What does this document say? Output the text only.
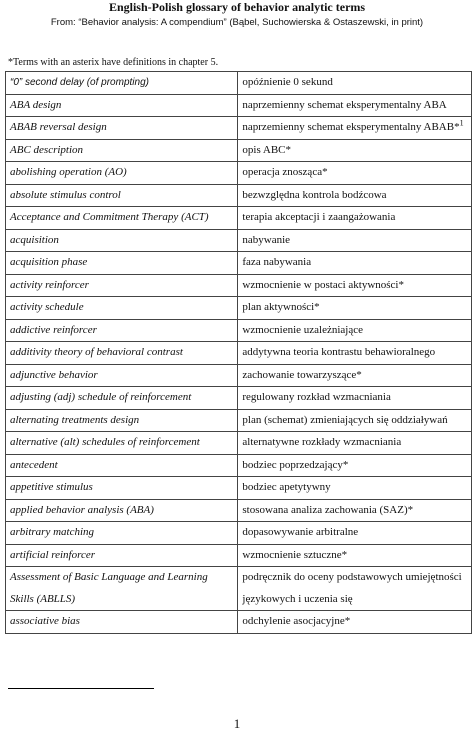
English-Polish glossary of behavior analytic terms
From: “Behavior analysis: A compendium” (Bąbel, Suchowierska & Ostaszewski, in print)
*Terms with an asterix have definitions in chapter 5.
“0” second delay (of prompting)	opóźnienie 0 sekund
ABA design	naprzemienny schemat eksperymentalny ABA
ABAB reversal design	naprzemienny schemat eksperymentalny ABAB*$^1$
ABC description	opis ABC*
abolishing operation (AO)	operacja znosząca*
absolute stimulus control	bezwzględna kontrola bodźcowa
Acceptance and Commitment Therapy (ACT)	terapia akceptacji i zaangażowania
acquisition	nabywanie
acquisition phase	faza nabywania
activity reinforcer	wzmocnienie w postaci aktywności*
activity schedule	plan aktywności*
addictive reinforcer	wzmocnienie uzależniające
additivity theory of behavioral contrast	addytywna teoria kontrastu behawioralnego
adjunctive behavior	zachowanie towarzyszące*
adjusting (adj) schedule of reinforcement	regulowany rozkład wzmacniania
alternating treatments design	plan (schemat) zmieniających się oddziaływań
alternative (alt) schedules of reinforcement	alternatywne rozkłady wzmacniania
antecedent	bodziec poprzedzający*
appetitive stimulus	bodziec apetytywny
applied behavior analysis (ABA)	stosowana analiza zachowania (SAZ)*
arbitrary matching	dopasowywanie arbitralne
artificial reinforcer	wzmocnienie sztuczne*
Assessment of Basic Language and Learning Skills (ABLLS)	podręcznik do oceny podstawowych umiejętności językowych i uczenia się
associative bias	odchylenie asocjacyjne*
1
